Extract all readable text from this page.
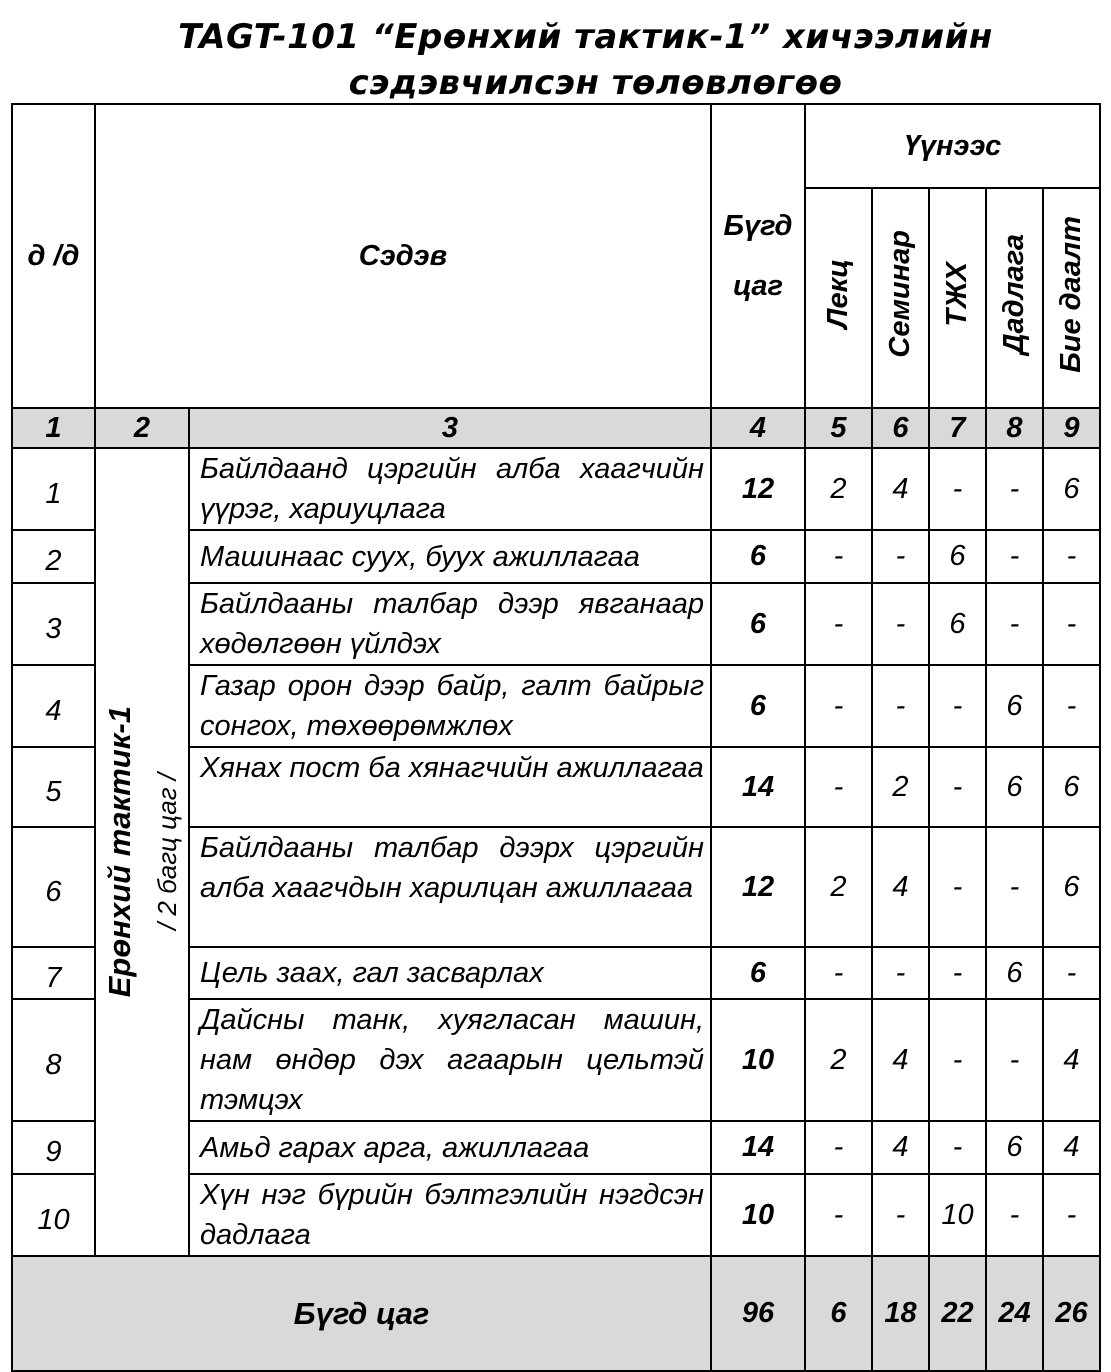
TAGT-101 “Ерөнхий тактик-1” хичээлийн
сэдэвчилсэн төлөвлөгөө
д /д	Сэдэв		Бүгд цаг	Үүнээс				
				Лекц	Семинар	ТЖХ	Дадлага	Бие даалт
1	2	3	4	5	6	7	8	9
1	Ерөнхий тактик-1 / 2 багц цаг /	Байлдаанд цэргийн алба хаагчийн үүрэг, хариуцлага	12	2	4	-	-	6
2		Машинаас суух, буух ажиллагаа	6	-	-	6	-	-
3		Байлдааны талбар дээр явганаар хөдөлгөөн үйлдэх	6	-	-	6	-	-
4		Газар орон дээр байр, галт байрыг сонгох, төхөөрөмжлөх	6	-	-	-	6	-
5		Хянах пост ба хянагчийн ажиллагаа	14	-	2	-	6	6
6		Байлдааны талбар дээрх цэргийн алба хаагчдын харилцан ажиллагаа	12	2	4	-	-	6
7		Цель заах, гал засварлах	6	-	-	-	6	-
8		Дайсны танк, хуягласан машин, нам өндөр дэх агаарын цельтэй тэмцэх	10	2	4	-	-	4
9		Амьд гарах арга, ажиллагаа	14	-	4	-	6	4
10		Хүн нэг бүрийн бэлтгэлийн нэгдсэн дадлага	10	-	-	10	-	-
Бүгд цаг			96	6	18	22	24	26
